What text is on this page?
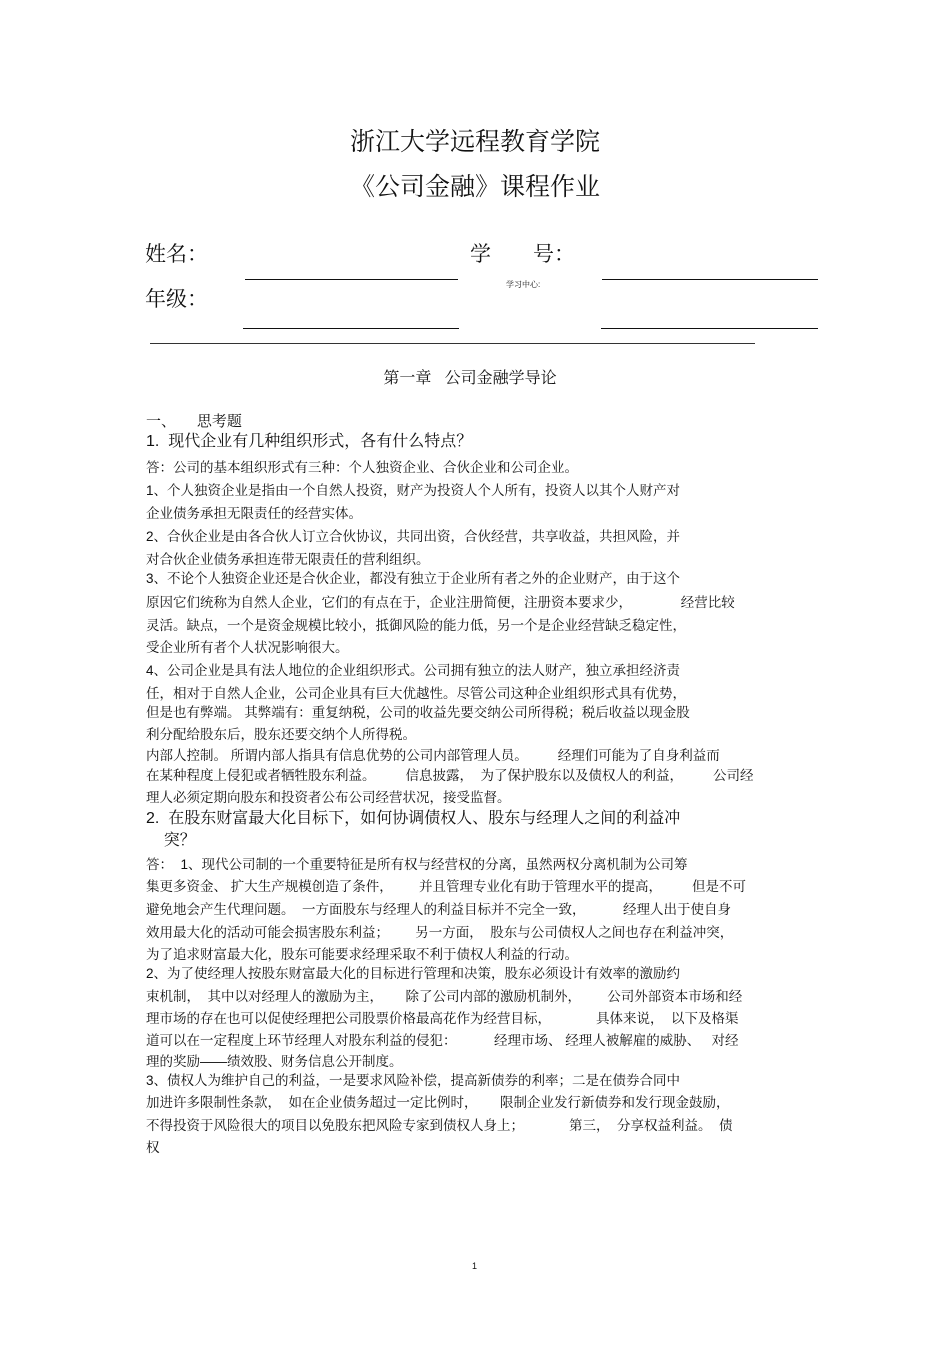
浙江大学远程教育学院
《公司金融》课程作业
姓名：	学　　号：
学习中心:
年级：
第一章   公司金融学导论
一、     思考题
1.  现代企业有几种组织形式，各有什么特点？
答：公司的基本组织形式有三种：个人独资企业、合伙企业和公司企业。
1、个人独资企业是指由一个自然人投资，财产为投资人个人所有，投资人以其个人财产对
企业债务承担无限责任的经营实体。
2、合伙企业是由各合伙人订立合伙协议，共同出资，合伙经营，共享收益，共担风险，并
对合伙企业债务承担连带无限责任的营利组织。
3、不论个人独资企业还是合伙企业，都没有独立于企业所有者之外的企业财产，由于这个
原因它们统称为自然人企业，它们的有点在于，企业注册简便，注册资本要求少，             经营比较
灵活。缺点，一个是资金规模比较小，抵御风险的能力低，另一个是企业经营缺乏稳定性，
受企业所有者个人状况影响很大。
4、公司企业是具有法人地位的企业组织形式。公司拥有独立的法人财产，独立承担经济责
任，相对于自然人企业，公司企业具有巨大优越性。尽管公司这种企业组织形式具有优势，
但是也有弊端。 其弊端有：重复纳税，公司的收益先要交纳公司所得税；税后收益以现金股
利分配给股东后，股东还要交纳个人所得税。
内部人控制。 所谓内部人指具有信息优势的公司内部管理人员。        经理们可能为了自身利益而
在某种程度上侵犯或者牺牲股东利益。        信息披露，  为了保护股东以及债权人的利益，        公司经
理人必须定期向股东和投资者公布公司经营状况，接受监督。
2.  在股东财富最大化目标下，如何协调债权人、股东与经理人之间的利益冲
突？
答：  1、现代公司制的一个重要特征是所有权与经营权的分离，虽然两权分离机制为公司筹
集更多资金、 扩大生产规模创造了条件，       并且管理专业化有助于管理水平的提高，        但是不可
避免地会产生代理问题。  一方面股东与经理人的利益目标并不完全一致，          经理人出于使自身
效用最大化的活动可能会损害股东利益；       另一方面，  股东与公司债权人之间也存在利益冲突，
为了追求财富最大化，股东可能要求经理采取不利于债权人利益的行动。
2、为了使经理人按股东财富最大化的目标进行管理和决策，股东必须设计有效率的激励约
束机制，  其中以对经理人的激励为主，      除了公司内部的激励机制外，       公司外部资本市场和经
理市场的存在也可以促使经理把公司股票价格最高花作为经营目标，            具体来说，  以下及格渠
道可以在一定程度上环节经理人对股东利益的侵犯：          经理市场、 经理人被解雇的威胁、   对经
理的奖励——绩效股、财务信息公开制度。
3、债权人为维护自己的利益，一是要求风险补偿，提高新债券的利率；二是在债券合同中
加进许多限制性条款，  如在企业债务超过一定比例时，      限制企业发行新债券和发行现金鼓励，
不得投资于风险很大的项目以免股东把风险专家到债权人身上；            第三，  分享权益利益。  债
权
1
